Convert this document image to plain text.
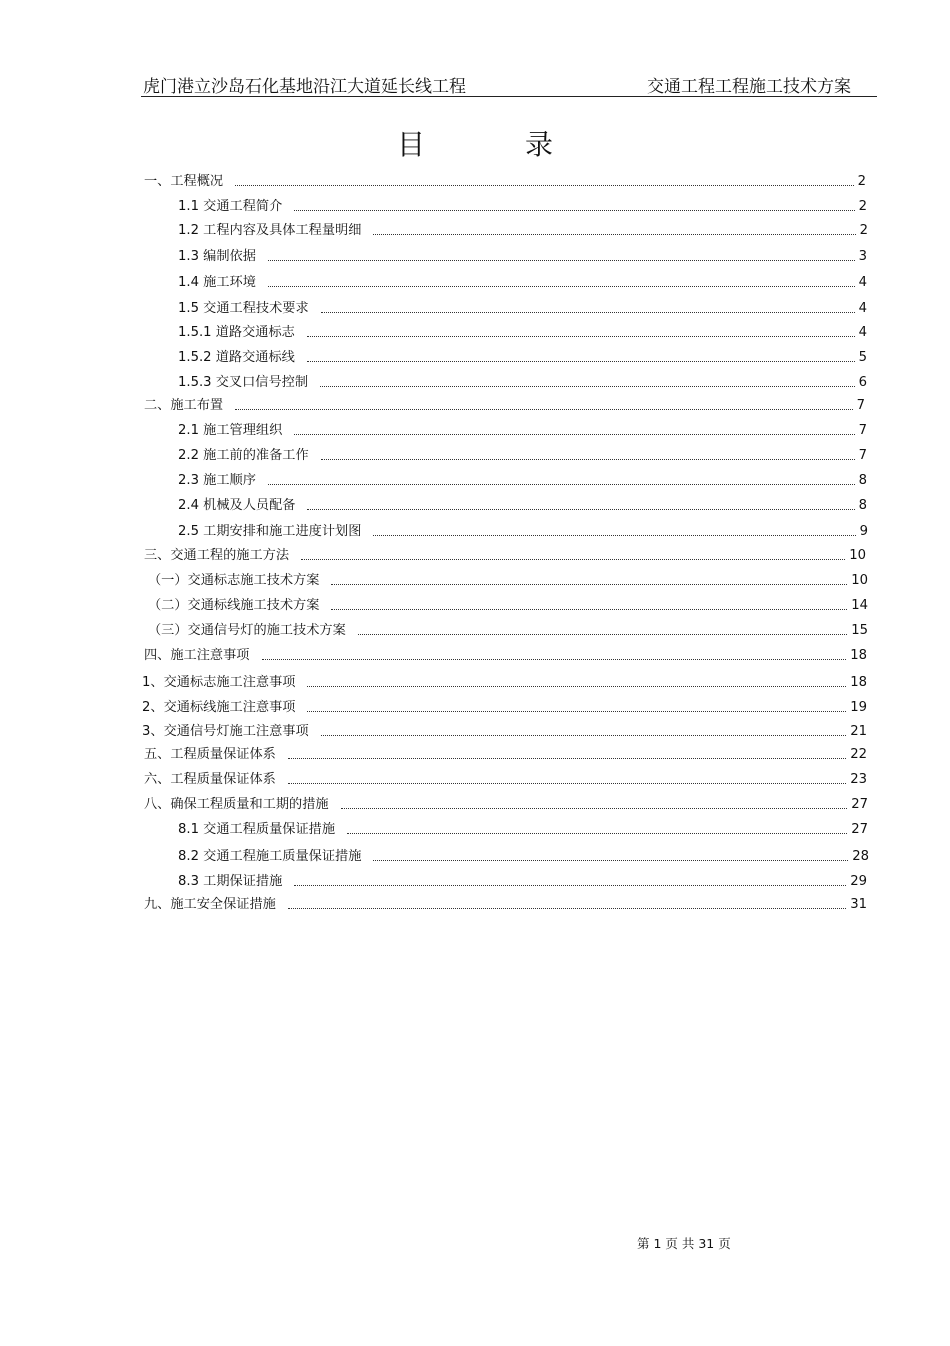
虎门港立沙岛石化基地沿江大道延长线工程	交通工程工程施工技术方案
目	录
一、工程概况	2
1.1 交通工程简介	2
1.2 工程内容及具体工程量明细	2
1.3 编制依据	3
1.4 施工环境	4
1.5 交通工程技术要求	4
1.5.1 道路交通标志	4
1.5.2 道路交通标线	5
1.5.3 交叉口信号控制	6
二、施工布置	7
2.1 施工管理组织	7
2.2 施工前的准备工作	7
2.3 施工顺序	8
2.4 机械及人员配备	8
2.5 工期安排和施工进度计划图	9
三、交通工程的施工方法	10
（一）交通标志施工技术方案	10
（二）交通标线施工技术方案	14
（三）交通信号灯的施工技术方案	15
四、施工注意事项	18
1、交通标志施工注意事项	18
2、交通标线施工注意事项	19
3、交通信号灯施工注意事项	21
五、工程质量保证体系	22
六、工程质量保证体系	23
八、确保工程质量和工期的措施	27
8.1 交通工程质量保证措施	27
8.2 交通工程施工质量保证措施	28
8.3 工期保证措施	29
九、施工安全保证措施	31
第 1 页 共 31 页
